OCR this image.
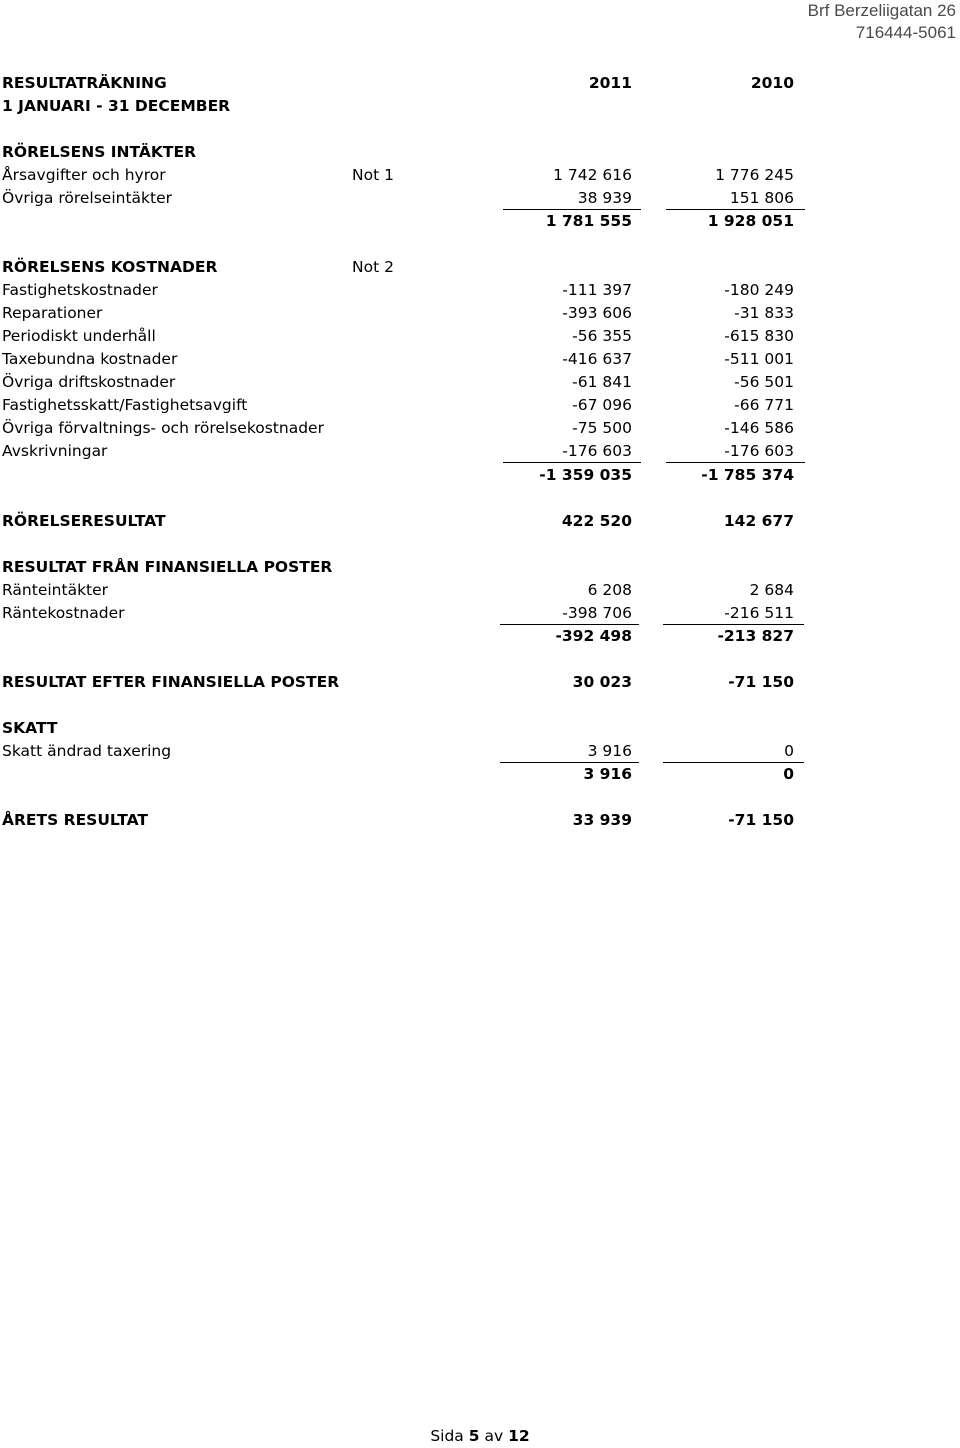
Brf Berzeliigatan 26
716444-5061
RESULTATRÄKNING	2011	2010
1 JANUARI - 31 DECEMBER
RÖRELSENS INTÄKTER
Årsavgifter och hyror	Not 1	1 742 616	1 776 245
Övriga rörelseintäkter	38 939	151 806
1 781 555	1 928 051
RÖRELSENS KOSTNADER	Not 2
Fastighetskostnader	-111 397	-180 249
Reparationer	-393 606	-31 833
Periodiskt underhåll	-56 355	-615 830
Taxebundna kostnader	-416 637	-511 001
Övriga driftskostnader	-61 841	-56 501
Fastighetsskatt/Fastighetsavgift	-67 096	-66 771
Övriga förvaltnings- och rörelsekostnader	-75 500	-146 586
Avskrivningar	-176 603	-176 603
-1 359 035	-1 785 374
RÖRELSERESULTAT	422 520	142 677
RESULTAT FRÅN FINANSIELLA POSTER
Ränteintäkter	6 208	2 684
Räntekostnader	-398 706	-216 511
-392 498	-213 827
RESULTAT EFTER FINANSIELLA POSTER	30 023	-71 150
SKATT
Skatt ändrad taxering	3 916	0
3 916	0
ÅRETS RESULTAT	33 939	-71 150
Sida 5 av 12
